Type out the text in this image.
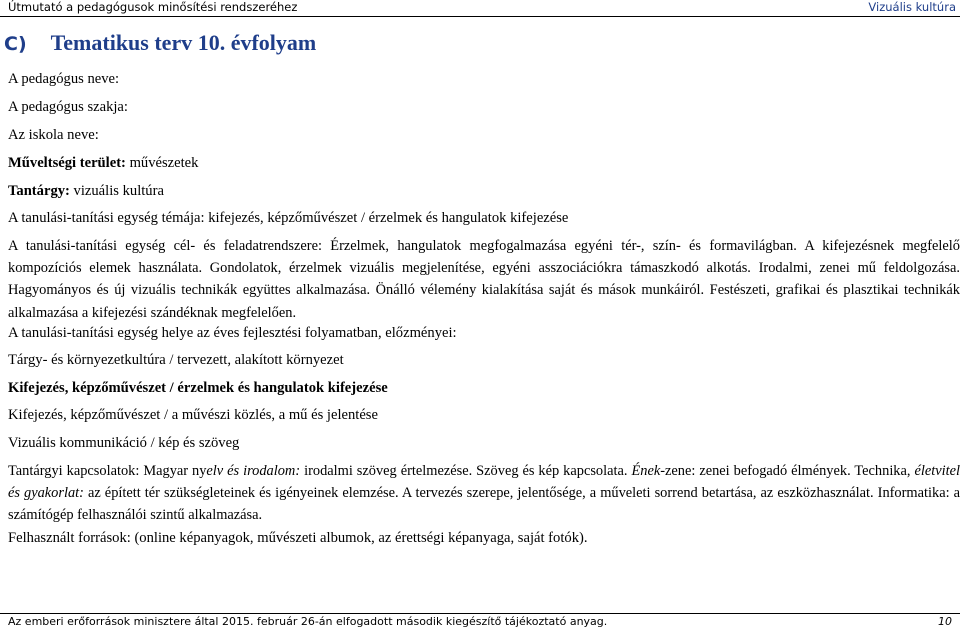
Útmutató a pedagógusok minősítési rendszeréhez	Vizuális kultúra
C) Tematikus terv 10. évfolyam
A pedagógus neve:
A pedagógus szakja:
Az iskola neve:
Műveltségi terület: művészetek
Tantárgy: vizuális kultúra
A tanulási-tanítási egység témája: kifejezés, képzőművészet / érzelmek és hangulatok kifejezése
A tanulási-tanítási egység cél- és feladatrendszere: Érzelmek, hangulatok megfogalmazása egyéni tér-, szín- és formavilágban. A kifejezésnek megfelelő kompozíciós elemek használata. Gondolatok, érzelmek vizuális megjelenítése, egyéni asszociációkra támaszkodó alkotás. Irodalmi, zenei mű feldolgozása. Hagyományos és új vizuális technikák együttes alkalmazása. Önálló vélemény kialakítása saját és mások munkáiról. Festészeti, grafikai és plasztikai technikák alkalmazása a kifejezési szándéknak megfelelően.
A tanulási-tanítási egység helye az éves fejlesztési folyamatban, előzményei:
Tárgy- és környezetkultúra / tervezett, alakított környezet
Kifejezés, képzőművészet / érzelmek és hangulatok kifejezése
Kifejezés, képzőművészet / a művészi közlés, a mű és jelentése
Vizuális kommunikáció / kép és szöveg
Tantárgyi kapcsolatok: Magyar nyelv és irodalom: irodalmi szöveg értelmezése. Szöveg és kép kapcsolata. Ének-zene: zenei befogadó élmények. Technika, életvitel és gyakorlat: az épített tér szükségleteinek és igényeinek elemzése. A tervezés szerepe, jelentősége, a műveleti sorrend betartása, az eszközhasználat. Informatika: a számítógép felhasználói szintű alkalmazása.
Felhasznált források: (online képanyagok, művészeti albumok, az érettségi képanyaga, saját fotók).
Az emberi erőforrások minisztere által 2015. február 26-án elfogadott második kiegészítő tájékoztató anyag.	10
